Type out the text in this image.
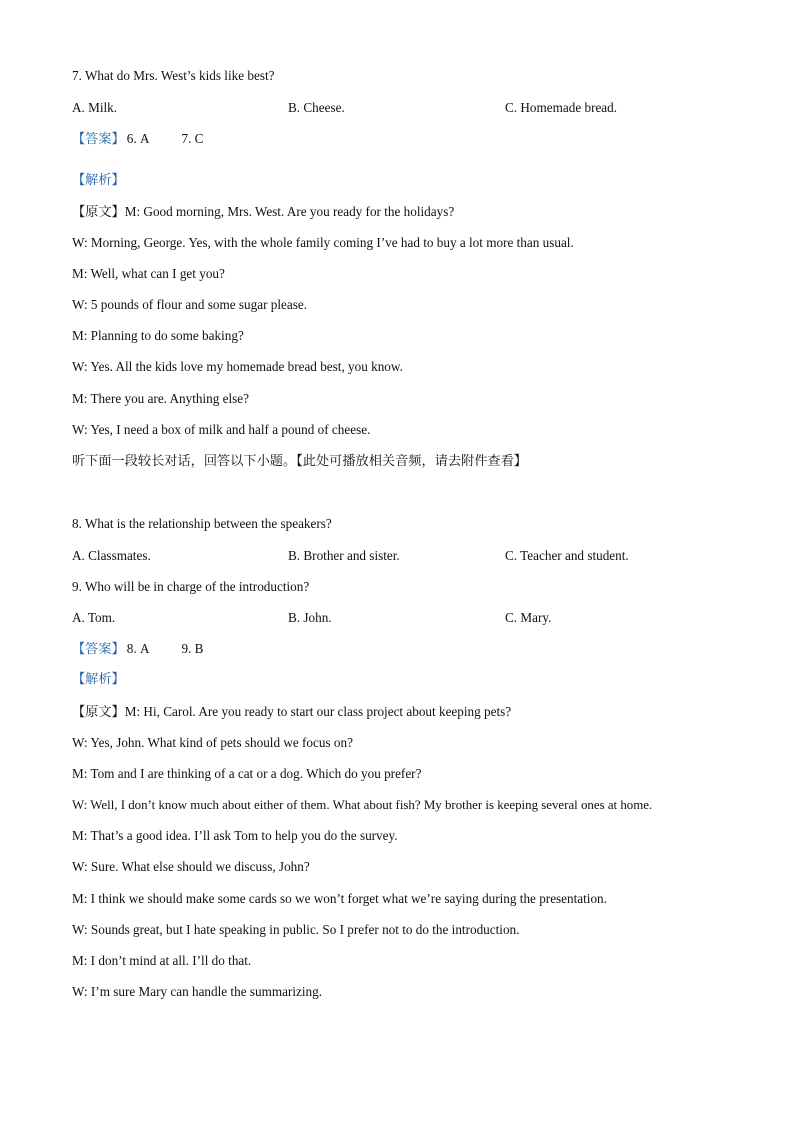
7. What do Mrs. West’s kids like best?
A. Milk.	B. Cheese.	C. Homemade bread.
【答案】 6. A 7. C
【解析】
【原文】M: Good morning, Mrs. West. Are you ready for the holidays?
W: Morning, George. Yes, with the whole family coming I’ve had to buy a lot more than usual.
M: Well, what can I get you?
W: 5 pounds of flour and some sugar please.
M: Planning to do some baking?
W: Yes. All the kids love my homemade bread best, you know.
M: There you are. Anything else?
W: Yes, I need a box of milk and half a pound of cheese.
听下面一段较长对话，回答以下小题。【此处可播放相关音频，请去附件查看】
8. What is the relationship between the speakers?
A. Classmates.	B. Brother and sister.	C. Teacher and student.
9. Who will be in charge of the introduction?
A. Tom.	B. John.	C. Mary.
【答案】 8. A 9. B
【解析】
【原文】M: Hi, Carol. Are you ready to start our class project about keeping pets?
W: Yes, John. What kind of pets should we focus on?
M: Tom and I are thinking of a cat or a dog. Which do you prefer?
W: Well, I don’t know much about either of them. What about fish? My brother is keeping several ones at home.
M: That’s a good idea. I’ll ask Tom to help you do the survey.
W: Sure. What else should we discuss, John?
M: I think we should make some cards so we won’t forget what we’re saying during the presentation.
W: Sounds great, but I hate speaking in public. So I prefer not to do the introduction.
M: I don’t mind at all. I’ll do that.
W: I’m sure Mary can handle the summarizing.
